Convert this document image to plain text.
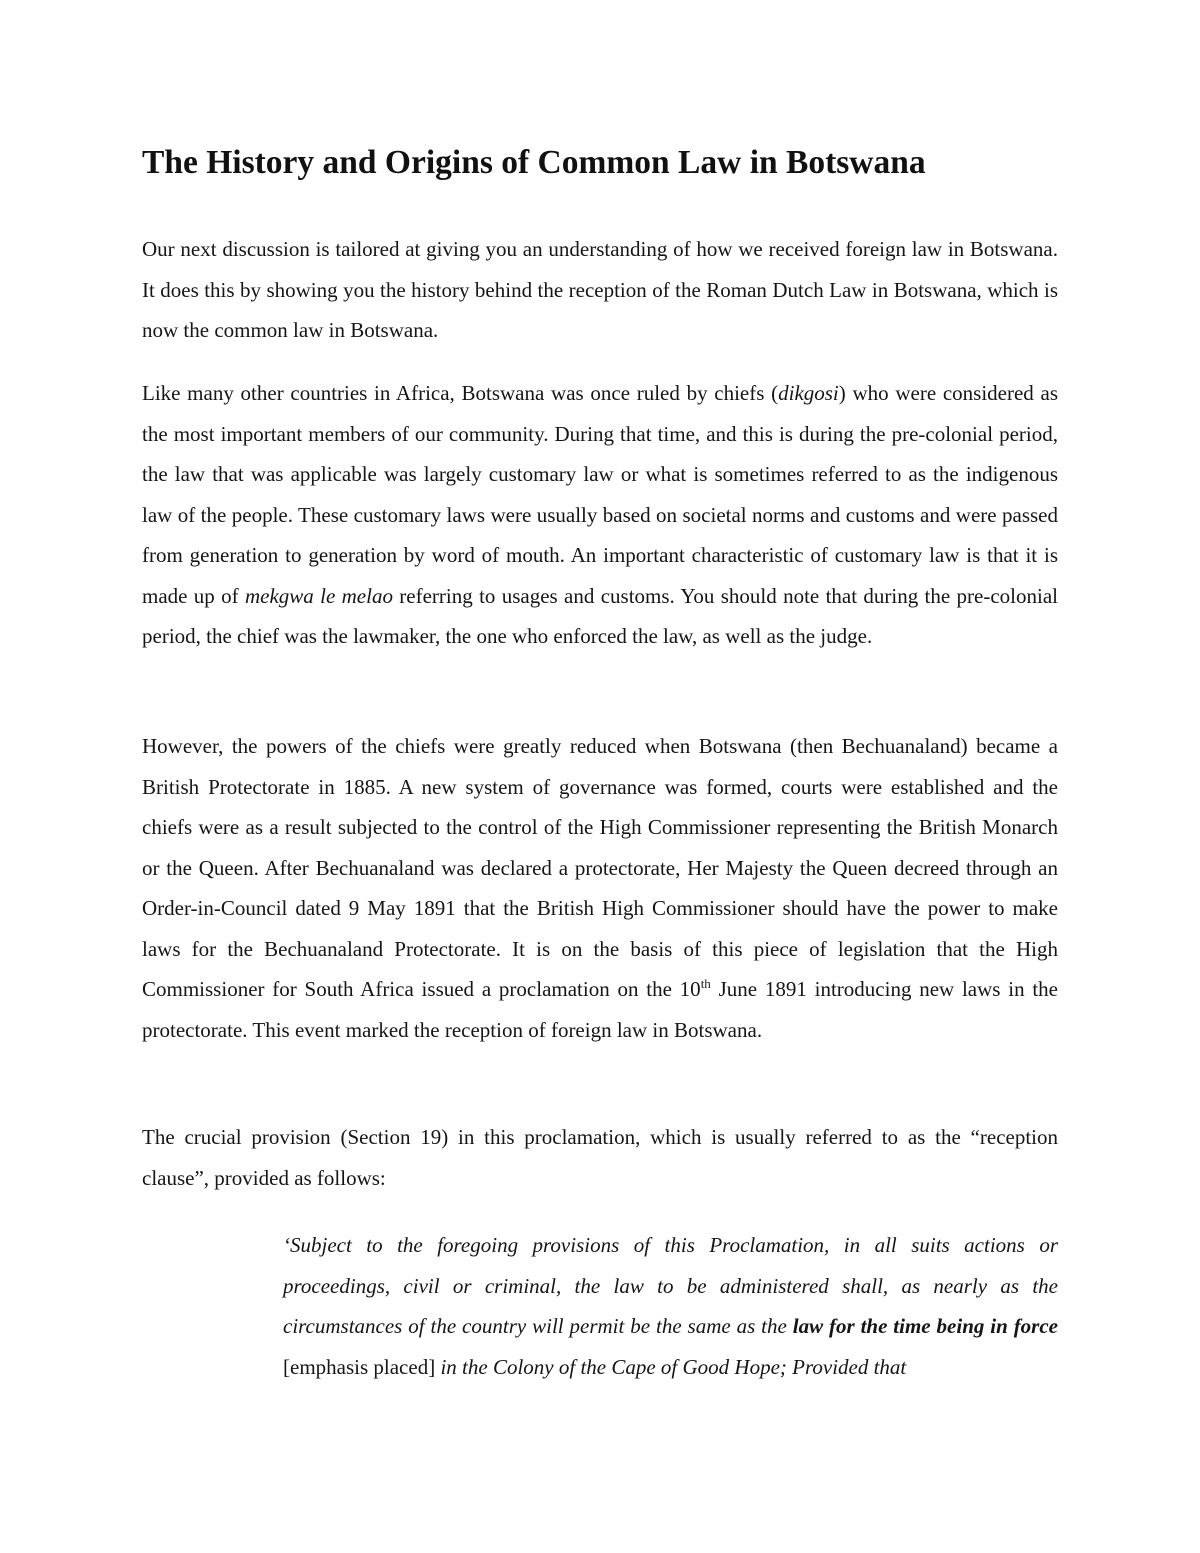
The History and Origins of Common Law in Botswana

Our next discussion is tailored at giving you an understanding of how we received foreign law in Botswana. It does this by showing you the history behind the reception of the Roman Dutch Law in Botswana, which is now the common law in Botswana.

Like many other countries in Africa, Botswana was once ruled by chiefs (dikgosi) who were considered as the most important members of our community. During that time, and this is during the pre-colonial period, the law that was applicable was largely customary law or what is sometimes referred to as the indigenous law of the people. These customary laws were usually based on societal norms and customs and were passed from generation to generation by word of mouth. An important characteristic of customary law is that it is made up of mekgwa le melao referring to usages and customs. You should note that during the pre-colonial period, the chief was the lawmaker, the one who enforced the law, as well as the judge.

However, the powers of the chiefs were greatly reduced when Botswana (then Bechuanaland) became a British Protectorate in 1885. A new system of governance was formed, courts were established and the chiefs were as a result subjected to the control of the High Commissioner representing the British Monarch or the Queen. After Bechuanaland was declared a protectorate, Her Majesty the Queen decreed through an Order-in-Council dated 9 May 1891 that the British High Commissioner should have the power to make laws for the Bechuanaland Protectorate. It is on the basis of this piece of legislation that the High Commissioner for South Africa issued a proclamation on the 10th June 1891 introducing new laws in the protectorate. This event marked the reception of foreign law in Botswana.

The crucial provision (Section 19) in this proclamation, which is usually referred to as the “reception clause”, provided as follows:

‘Subject to the foregoing provisions of this Proclamation, in all suits actions or proceedings, civil or criminal, the law to be administered shall, as nearly as the circumstances of the country will permit be the same as the law for the time being in force [emphasis placed] in the Colony of the Cape of Good Hope; Provided that
